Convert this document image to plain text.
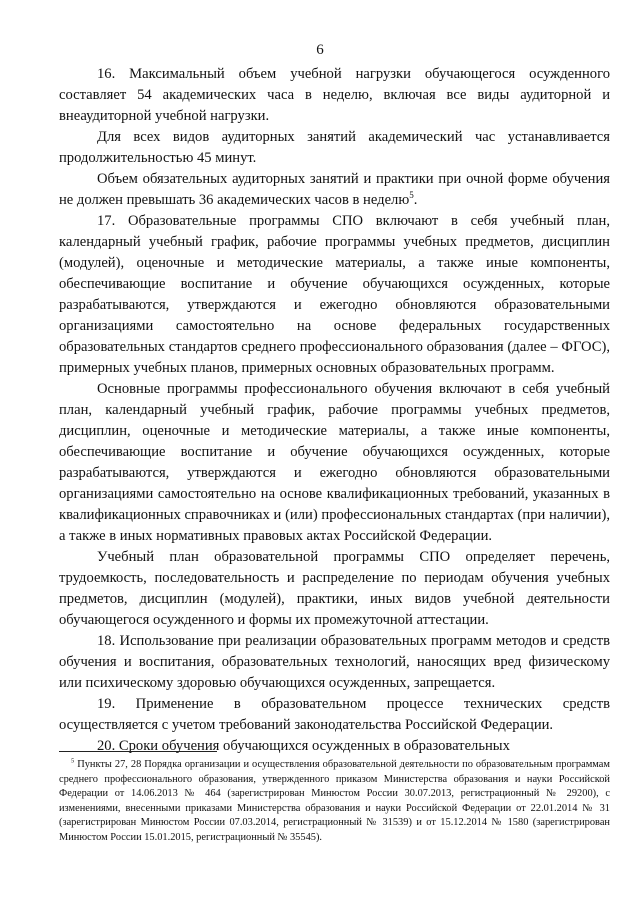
6

16. Максимальный объем учебной нагрузки обучающегося осужденного составляет 54 академических часа в неделю, включая все виды аудиторной и внеаудиторной учебной нагрузки.

Для всех видов аудиторных занятий академический час устанавливается продолжительностью 45 минут.

Объем обязательных аудиторных занятий и практики при очной форме обучения не должен превышать 36 академических часов в неделю$^5$.

17. Образовательные программы СПО включают в себя учебный план, календарный учебный график, рабочие программы учебных предметов, дисциплин (модулей), оценочные и методические материалы, а также иные компоненты, обеспечивающие воспитание и обучение обучающихся осужденных, которые разрабатываются, утверждаются и ежегодно обновляются образовательными организациями самостоятельно на основе федеральных государственных образовательных стандартов среднего профессионального образования (далее – ФГОС), примерных учебных планов, примерных основных образовательных программ.

Основные программы профессионального обучения включают в себя учебный план, календарный учебный график, рабочие программы учебных предметов, дисциплин, оценочные и методические материалы, а также иные компоненты, обеспечивающие воспитание и обучение обучающихся осужденных, которые разрабатываются, утверждаются и ежегодно обновляются образовательными организациями самостоятельно на основе квалификационных требований, указанных в квалификационных справочниках и (или) профессиональных стандартах (при наличии), а также в иных нормативных правовых актах Российской Федерации.

Учебный план образовательной программы СПО определяет перечень, трудоемкость, последовательность и распределение по периодам обучения учебных предметов, дисциплин (модулей), практики, иных видов учебной деятельности обучающегося осужденного и формы их промежуточной аттестации.

18. Использование при реализации образовательных программ методов и средств обучения и воспитания, образовательных технологий, наносящих вред физическому или психическому здоровью обучающихся осужденных, запрещается.

19. Применение в образовательном процессе технических средств осуществляется с учетом требований законодательства Российской Федерации.

20. Сроки обучения обучающихся осужденных в образовательных

$^5$ Пункты 27, 28 Порядка организации и осуществления образовательной деятельности по образовательным программам среднего профессионального образования, утвержденного приказом Министерства образования и науки Российской Федерации от 14.06.2013 № 464 (зарегистрирован Минюстом России 30.07.2013, регистрационный № 29200), с изменениями, внесенными приказами Министерства образования и науки Российской Федерации от 22.01.2014 № 31 (зарегистрирован Минюстом России 07.03.2014, регистрационный № 31539) и от 15.12.2014 № 1580 (зарегистрирован Минюстом России 15.01.2015, регистрационный № 35545).
